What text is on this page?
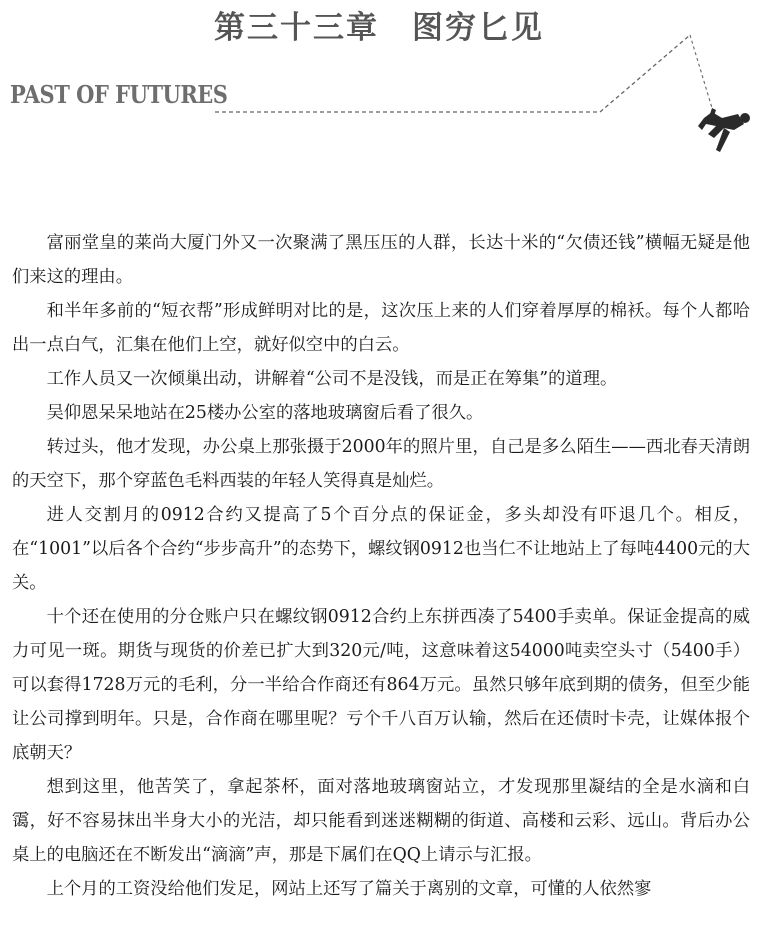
第三十三章　图穷匕见
PAST OF FUTURES

富丽堂皇的莱尚大厦门外又一次聚满了黑压压的人群，长达十米的“欠债还钱”横幅无疑是他们来这的理由。

和半年多前的“短衣帮”形成鲜明对比的是，这次压上来的人们穿着厚厚的棉袄。每个人都哈出一点白气，汇集在他们上空，就好似空中的白云。

工作人员又一次倾巢出动，讲解着“公司不是没钱，而是正在筹集”的道理。

吴仰恩呆呆地站在25楼办公室的落地玻璃窗后看了很久。

转过头，他才发现，办公桌上那张摄于2000年的照片里，自己是多么陌生——西北春天清朗的天空下，那个穿蓝色毛料西装的年轻人笑得真是灿烂。

进人交割月的0912合约又提高了5个百分点的保证金，多头却没有吓退几个。相反，在“1001”以后各个合约“步步高升”的态势下，螺纹钢0912也当仁不让地站上了每吨4400元的大关。

十个还在使用的分仓账户只在螺纹钢0912合约上东拼西凑了5400手卖单。保证金提高的威力可见一斑。期货与现货的价差已扩大到320元/吨，这意味着这54000吨卖空头寸（5400手）可以套得1728万元的毛利，分一半给合作商还有864万元。虽然只够年底到期的债务，但至少能让公司撑到明年。只是，合作商在哪里呢？亏个千八百万认输，然后在还债时卡壳，让媒体报个底朝天？

想到这里，他苦笑了，拿起茶杯，面对落地玻璃窗站立，才发现那里凝结的全是水滴和白霭，好不容易抹出半身大小的光洁，却只能看到迷迷糊糊的街道、高楼和云彩、远山。背后办公桌上的电脑还在不断发出“滴滴”声，那是下属们在QQ上请示与汇报。

上个月的工资没给他们发足，网站上还写了篇关于离别的文章，可懂的人依然寥
